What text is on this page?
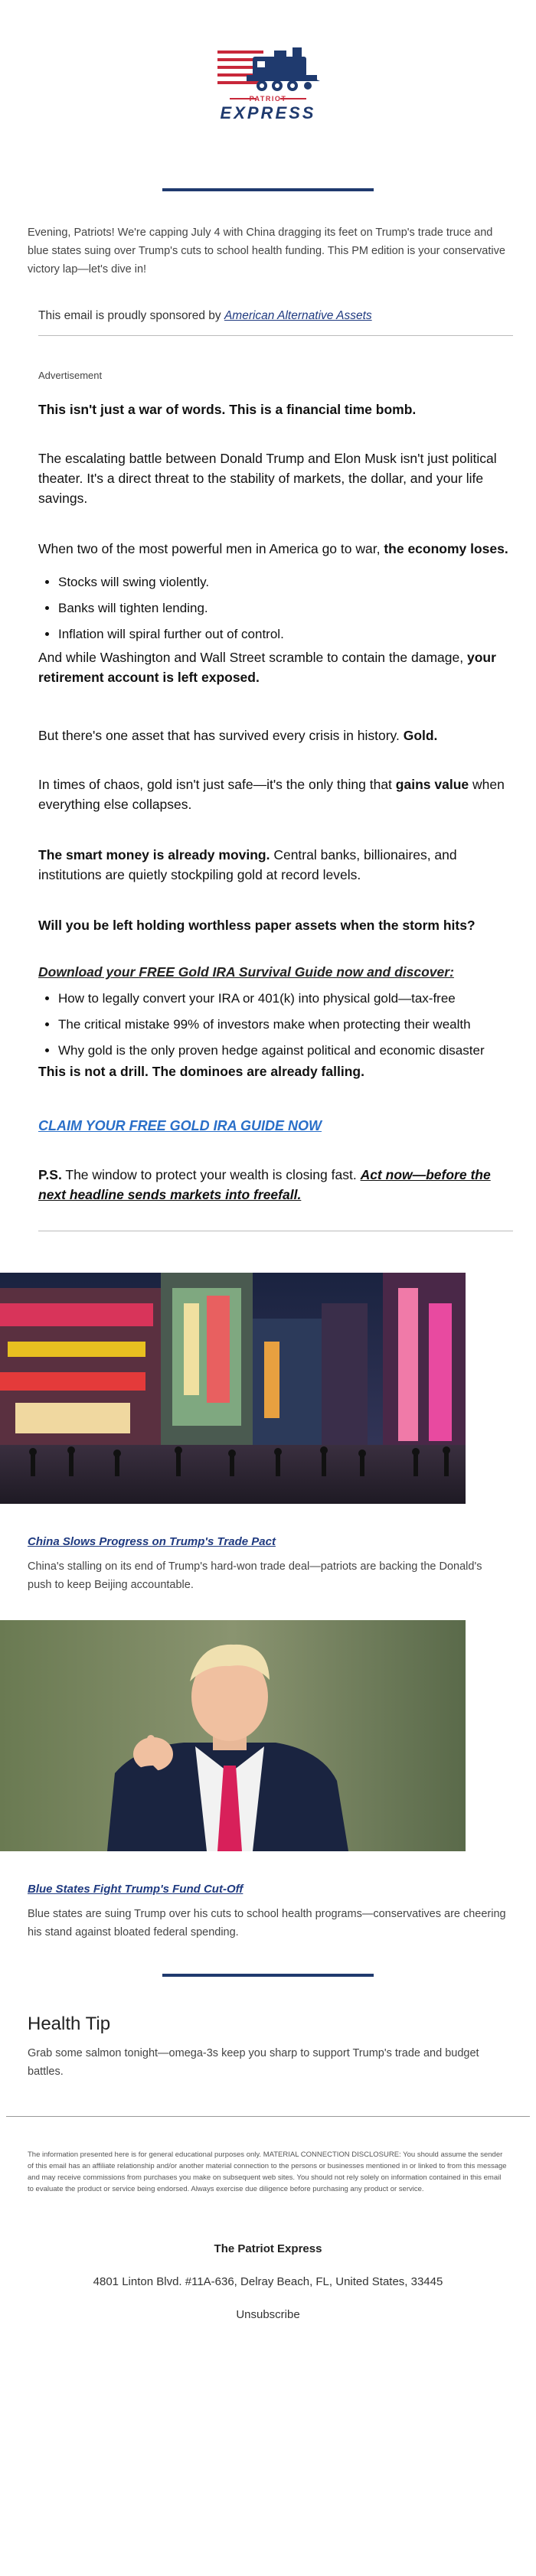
PATRIOT
EXPRESS

Evening, Patriots! We're capping July 4 with China dragging its feet on Trump's trade truce and blue states suing over Trump's cuts to school health funding. This PM edition is your conservative victory lap—let's dive in!

This email is proudly sponsored by American Alternative Assets
Advertisement

This isn't just a war of words. This is a financial time bomb.

The escalating battle between Donald Trump and Elon Musk isn't just political theater. It's a direct threat to the stability of markets, the dollar, and your life savings.

When two of the most powerful men in America go to war, the economy loses.

• Stocks will swing violently.
• Banks will tighten lending.
• Inflation will spiral further out of control.

And while Washington and Wall Street scramble to contain the damage, your retirement account is left exposed.

But there's one asset that has survived every crisis in history. Gold.

In times of chaos, gold isn't just safe—it's the only thing that gains value when everything else collapses.

The smart money is already moving. Central banks, billionaires, and institutions are quietly stockpiling gold at record levels.

Will you be left holding worthless paper assets when the storm hits?

Download your FREE Gold IRA Survival Guide now and discover:

• How to legally convert your IRA or 401(k) into physical gold—tax-free
• The critical mistake 99% of investors make when protecting their wealth
• Why gold is the only proven hedge against political and economic disaster

This is not a drill. The dominoes are already falling.

CLAIM YOUR FREE GOLD IRA GUIDE NOW

P.S. The window to protect your wealth is closing fast. Act now—before the next headline sends markets into freefall.

China Slows Progress on Trump's Trade Pact

China's stalling on its end of Trump's hard-won trade deal—patriots are backing the Donald's push to keep Beijing accountable.

Blue States Fight Trump's Fund Cut-Off

Blue states are suing Trump over his cuts to school health programs—conservatives are cheering his stand against bloated federal spending.

Health Tip

Grab some salmon tonight—omega-3s keep you sharp to support Trump's trade and budget battles.

The information presented here is for general educational purposes only. MATERIAL CONNECTION DISCLOSURE: You should assume the sender of this email has an affiliate relationship and/or another material connection to the persons or businesses mentioned in or linked to from this message and may receive commissions from purchases you make on subsequent web sites. You should not rely solely on information contained in this email to evaluate the product or service being endorsed. Always exercise due diligence before purchasing any product or service.
The Patriot Express
4801 Linton Blvd. #11A-636, Delray Beach, FL, United States, 33445
Unsubscribe
